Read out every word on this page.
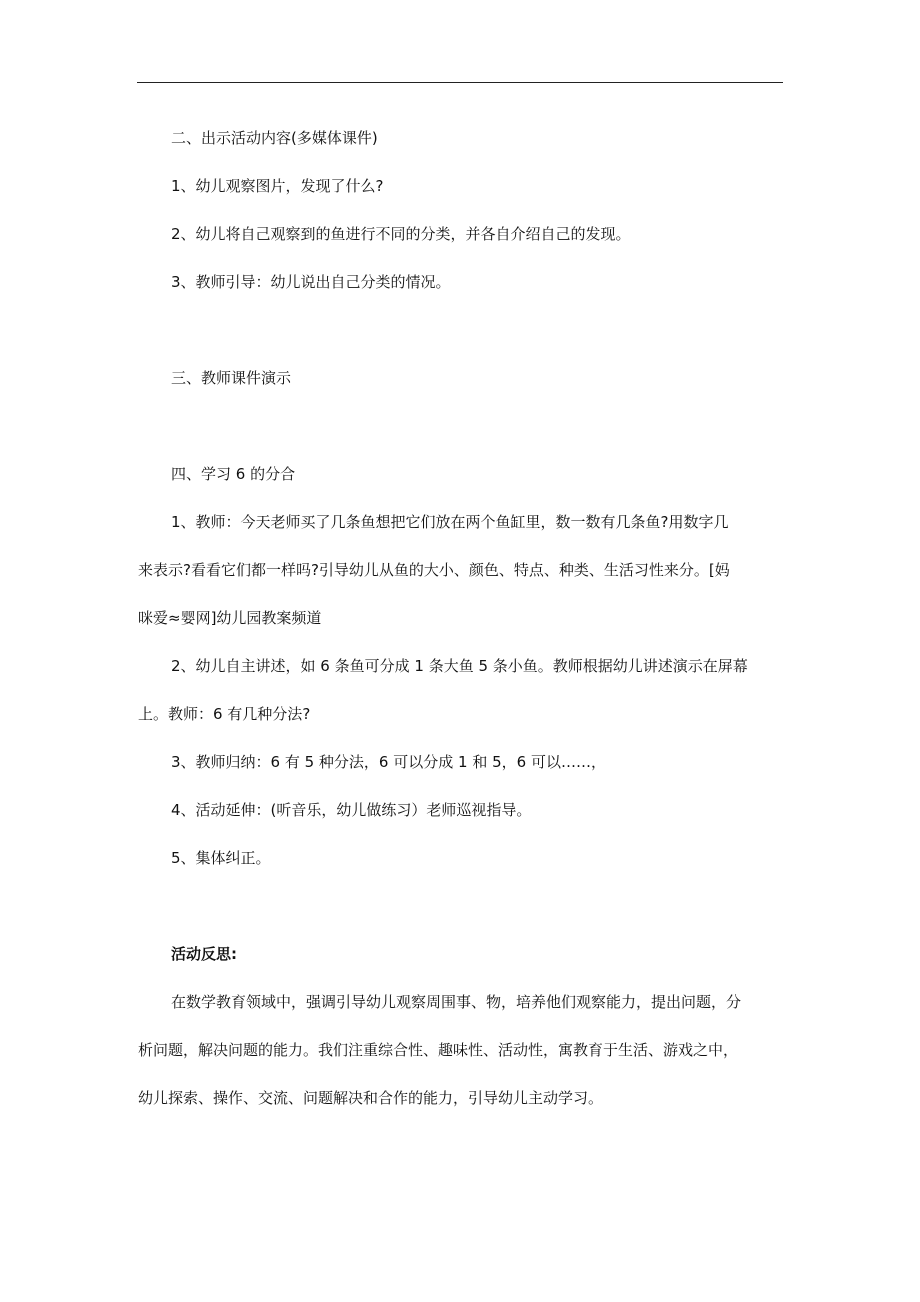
二、出示活动内容(多媒体课件)
1、幼儿观察图片，发现了什么?
2、幼儿将自己观察到的鱼进行不同的分类，并各自介绍自己的发现。
3、教师引导：幼儿说出自己分类的情况。
三、教师课件演示
四、学习 6 的分合
1、教师：今天老师买了几条鱼想把它们放在两个鱼缸里，数一数有几条鱼?用数字几
来表示?看看它们都一样吗?引导幼儿从鱼的大小、颜色、特点、种类、生活习性来分。[妈
咪爱≈婴网]幼儿园教案频道
2、幼儿自主讲述，如 6 条鱼可分成 1 条大鱼 5 条小鱼。教师根据幼儿讲述演示在屏幕
上。教师：6 有几种分法?
3、教师归纳：6 有 5 种分法，6 可以分成 1 和 5，6 可以……，
4、活动延伸：(听音乐，幼儿做练习）老师巡视指导。
5、集体纠正。
活动反思:
在数学教育领域中，强调引导幼儿观察周围事、物，培养他们观察能力，提出问题，分
析问题，解决问题的能力。我们注重综合性、趣味性、活动性，寓教育于生活、游戏之中，
幼儿探索、操作、交流、问题解决和合作的能力，引导幼儿主动学习。
